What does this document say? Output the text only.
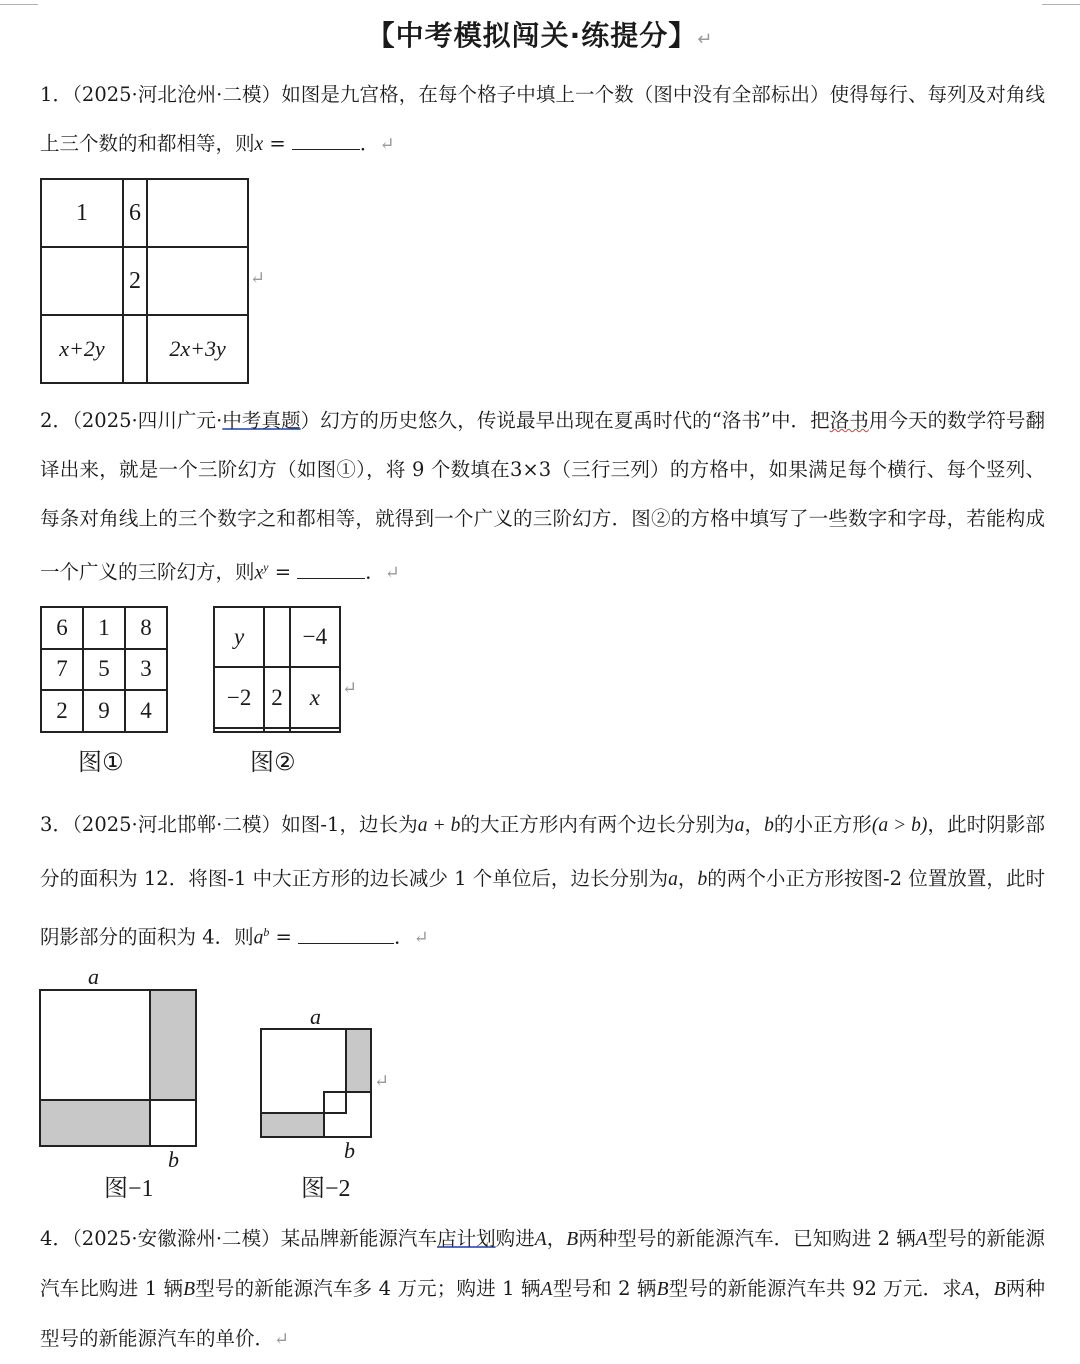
【中考模拟闯关·练提分】↵
1．（2025·河北沧州·二模）如图是九宫格，在每个格子中填上一个数（图中没有全部标出）使得每行、每列及对角线上三个数的和都相等，则x =	．↵
1	6	
	2	
x+2y		2x+3y
↵
2．（2025·四川广元·中考真题）幻方的历史悠久，传说最早出现在夏禹时代的“洛书”中．把洛书用今天的数学符号翻译出来，就是一个三阶幻方（如图①），将 9 个数填在3×3（三行三列）的方格中，如果满足每个横行、每个竖列、每条对角线上的三个数字之和都相等，就得到一个广义的三阶幻方．图②的方格中填写了一些数字和字母，若能构成一个广义的三阶幻方，则$x^y$ =	．↵
6	1	8
7	5	3
2	9	4
y		−4
−2	2	x
		↵
图①	图②
3．（2025·河北邯郸·二模）如图-1，边长为a + b的大正方形内有两个边长分别为a，b的小正方形(a > b)，此时阴影部分的面积为 12．将图-1 中大正方形的边长减少 1 个单位后，边长分别为a，b的两个小正方形按图-2 位置放置，此时阴影部分的面积为 4．则$a^b$ =	．↵
a
b
图−1
↵
a
b
图−2
4．（2025·安徽滁州·二模）某品牌新能源汽车店计划购进A，B两种型号的新能源汽车．已知购进 2 辆A型号的新能源汽车比购进 1 辆B型号的新能源汽车多 4 万元；购进 1 辆A型号和 2 辆B型号的新能源汽车共 92 万元．求A，B两种型号的新能源汽车的单价．↵
